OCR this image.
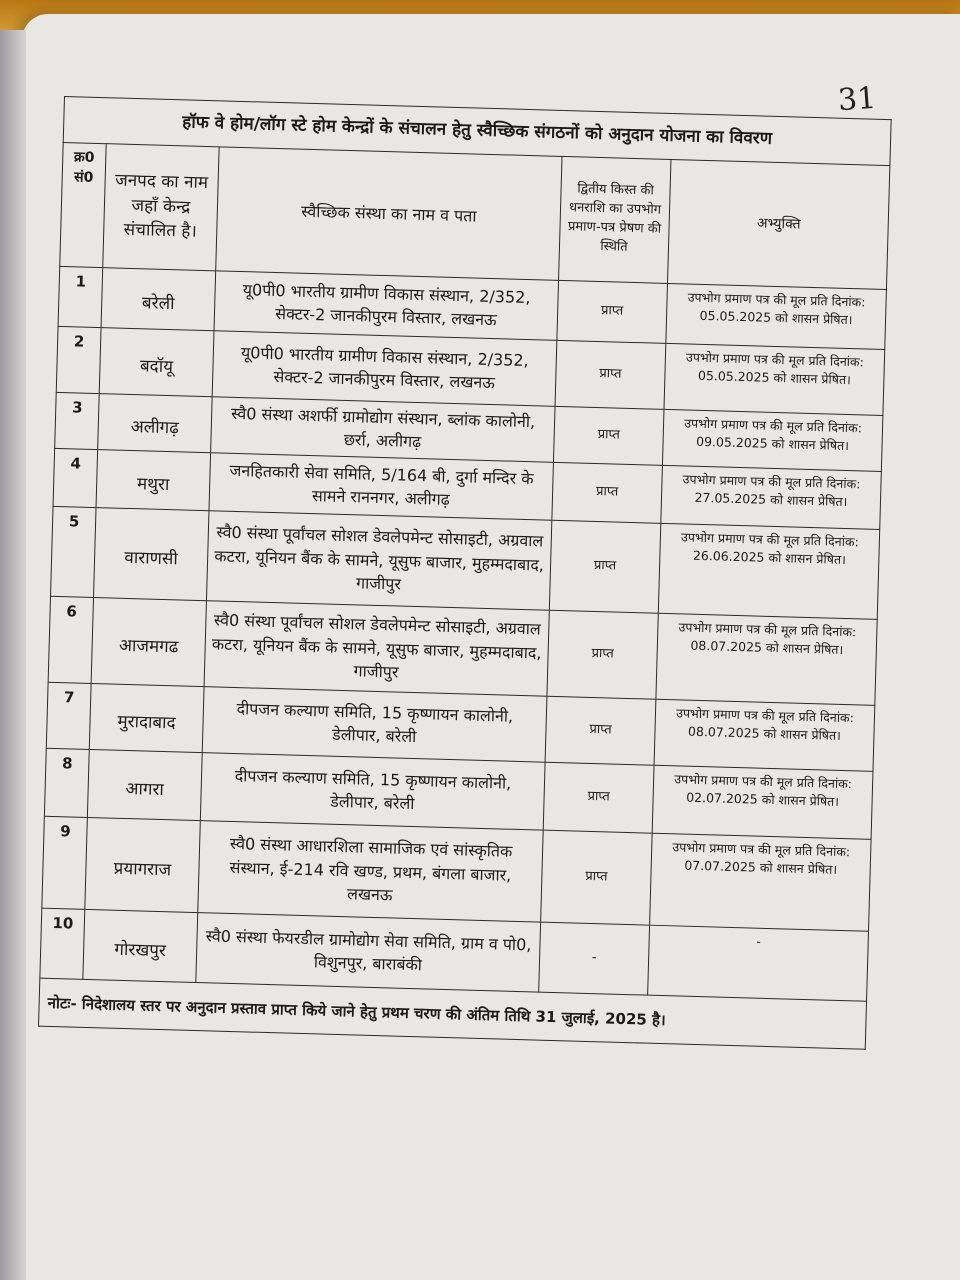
31
हॉफ वे होम/लॉग स्टे होम केन्द्रों के संचालन हेतु स्वैच्छिक संगठनों को अनुदान योजना का विवरण				
क्र0 सं0	जनपद का नाम जहाँ केन्द्र संचालित है।	स्वैच्छिक संस्था का नाम व पता	द्वितीय किस्त की धनराशि का उपभोग प्रमाण-पत्र प्रेषण की स्थिति	अभ्युक्ति
1	बरेली	यू0पी0 भारतीय ग्रामीण विकास संस्थान, 2/352, सेक्टर-2 जानकीपुरम विस्तार, लखनऊ	प्राप्त	उपभोग प्रमाण पत्र की मूल प्रति दिनांक: 05.05.2025 को शासन प्रेषित।
2	बदॉयू	यू0पी0 भारतीय ग्रामीण विकास संस्थान, 2/352, सेक्टर-2 जानकीपुरम विस्तार, लखनऊ	प्राप्त	उपभोग प्रमाण पत्र की मूल प्रति दिनांक: 05.05.2025 को शासन प्रेषित।
3	अलीगढ़	स्वै0 संस्था अशर्फी ग्रामोद्योग संस्थान, ब्लांक कालोनी, छर्रा, अलीगढ़	प्राप्त	उपभोग प्रमाण पत्र की मूल प्रति दिनांक: 09.05.2025 को शासन प्रेषित।
4	मथुरा	जनहितकारी सेवा समिति, 5/164 बी, दुर्गा मन्दिर के सामने राननगर, अलीगढ़	प्राप्त	उपभोग प्रमाण पत्र की मूल प्रति दिनांक: 27.05.2025 को शासन प्रेषित।
5	वाराणसी	स्वै0 संस्था पूर्वांचल सोशल डेवलेपमेन्ट सोसाइटी, अग्रवाल कटरा, यूनियन बैंक के सामने, यूसुफ बाजार, मुहम्मदाबाद, गाजीपुर	प्राप्त	उपभोग प्रमाण पत्र की मूल प्रति दिनांक: 26.06.2025 को शासन प्रेषित।
6	आजमगढ	स्वै0 संस्था पूर्वांचल सोशल डेवलेपमेन्ट सोसाइटी, अग्रवाल कटरा, यूनियन बैंक के सामने, यूसुफ बाजार, मुहम्मदाबाद, गाजीपुर	प्राप्त	उपभोग प्रमाण पत्र की मूल प्रति दिनांक: 08.07.2025 को शासन प्रेषित।
7	मुरादाबाद	दीपजन कल्याण समिति, 15 कृष्णायन कालोनी, डेलीपार, बरेली	प्राप्त	उपभोग प्रमाण पत्र की मूल प्रति दिनांक: 08.07.2025 को शासन प्रेषित।
8	आगरा	दीपजन कल्याण समिति, 15 कृष्णायन कालोनी, डेलीपार, बरेली	प्राप्त	उपभोग प्रमाण पत्र की मूल प्रति दिनांक: 02.07.2025 को शासन प्रेषित।
9	प्रयागराज	स्वै0 संस्था आधारशिला सामाजिक एवं सांस्कृतिक संस्थान, ई-214 रवि खण्ड, प्रथम, बंगला बाजार, लखनऊ	प्राप्त	उपभोग प्रमाण पत्र की मूल प्रति दिनांक: 07.07.2025 को शासन प्रेषित।
10	गोरखपुर	स्वै0 संस्था फेयरडील ग्रामोद्योग सेवा समिति, ग्राम व पो0, विशुनपुर, बाराबंकी	-	-
नोटः- निदेशालय स्तर पर अनुदान प्रस्ताव प्राप्त किये जाने हेतु प्रथम चरण की अंतिम तिथि 31 जुलाई, 2025 है।				
